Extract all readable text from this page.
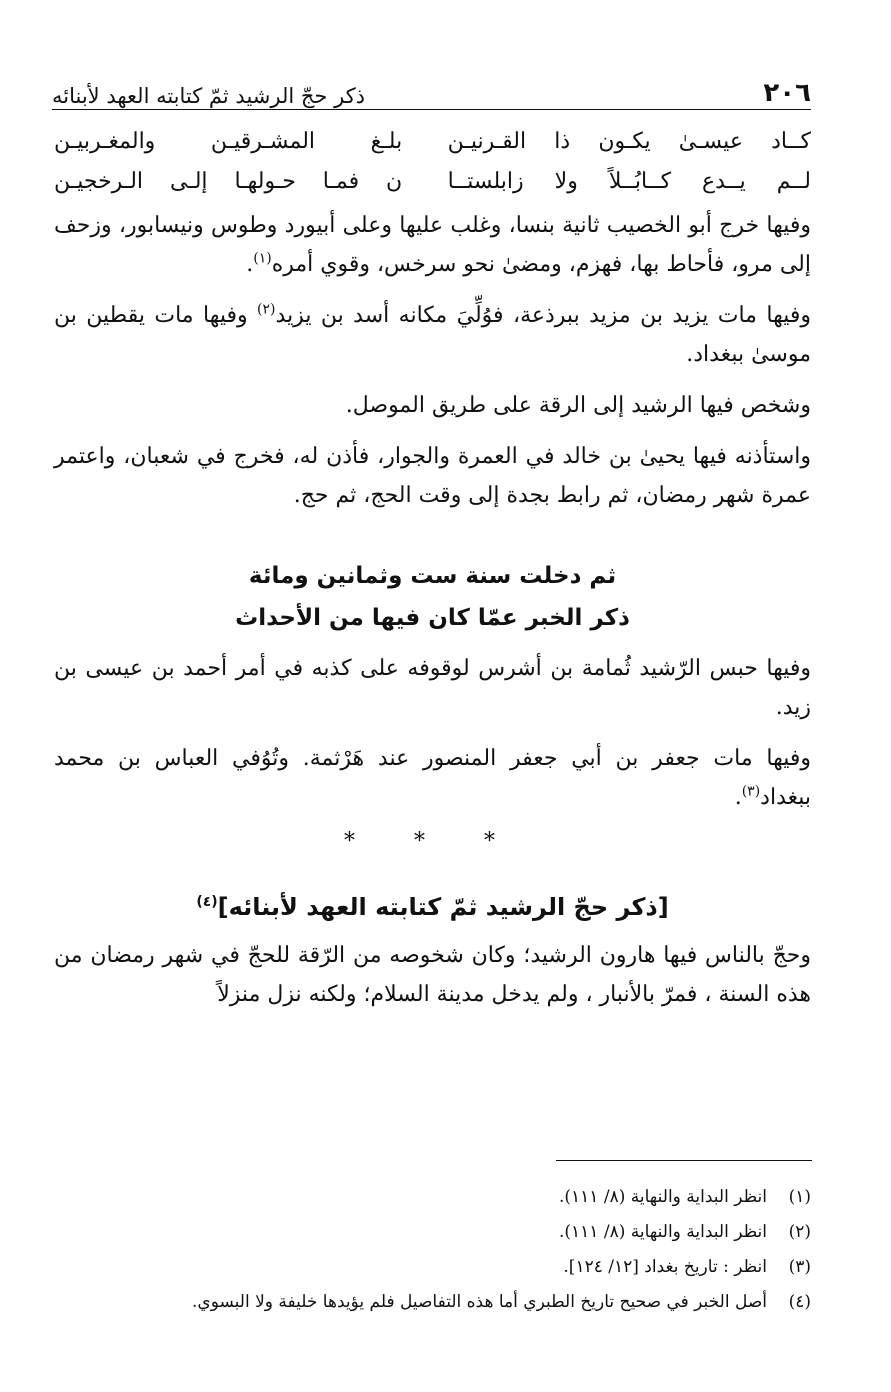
٢٠٦
ذكر حجّ الرشيد ثمّ كتابته العهد لأبنائه
كــاد عيسـىٰ يكـون ذا القـرنيـن
بلـغ المشـرقيـن والمغـربيـن
لــم يــدع كــابُــلاً ولا زابلستــا
ن فمـا حـولهـا إلـى الـرخجيـن

وفيها خرج أبو الخصيب ثانية بنسا، وغلب عليها وعلى أبيورد وطوس ونيسابور، وزحف إلى مرو، فأحاط بها، فهزم، ومضىٰ نحو سرخس، وقوي أمره$^{(١)}$.

وفيها مات يزيد بن مزيد ببرذعة، فوُلِّيَ مكانه أسد بن يزيد$^{(٢)}$ وفيها مات يقطين بن موسىٰ ببغداد.

وشخص فيها الرشيد إلى الرقة على طريق الموصل.

واستأذنه فيها يحيىٰ بن خالد في العمرة والجوار، فأذن له، فخرج في شعبان، واعتمر عمرة شهر رمضان، ثم رابط بجدة إلى وقت الحج، ثم حج.

ثم دخلت سنة ست وثمانين ومائة
ذكر الخبر عمّا كان فيها من الأحداث

وفيها حبس الرّشيد ثُمامة بن أشرس لوقوفه على كذبه في أمر أحمد بن عيسى بن زيد.

وفيها مات جعفر بن أبي جعفر المنصور عند هَرْثمة. وتُوُفي العباس بن محمد ببغداد$^{(٣)}$.

* * *
[ذكر حجّ الرشيد ثمّ كتابته العهد لأبنائه]$^{(٤)}$

وحجّ بالناس فيها هارون الرشيد؛ وكان شخوصه من الرّقة للحجّ في شهر رمضان من هذه السنة ، فمرّ بالأنبار ، ولم يدخل مدينة السلام؛ ولكنه نزل منزلاً

(١)
انظر البداية والنهاية (٨/ ١١١).
(٢)
انظر البداية والنهاية (٨/ ١١١).
(٣)
انظر : تاريخ بغداد [١٢/ ١٢٤].
(٤)
أصل الخبر في صحيح تاريخ الطبري أما هذه التفاصيل فلم يؤيدها خليفة ولا البسوي.
